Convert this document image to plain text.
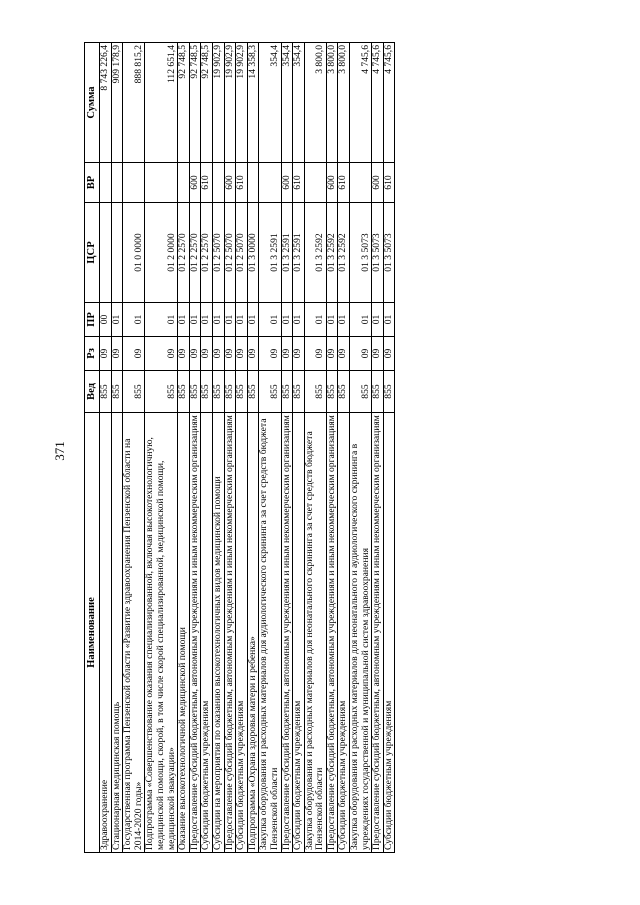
371
Наименование	Вед	Рз	ПР	ЦСР	ВР	Сумма
Здравоохранение	855	09	00			8 743 226,4
Стационарная медицинская помощь	855	09	01			909 178,9
Государственная программа Пензенской области «Развитие здравоохранения Пензенской области на 2014-2020 годы»	855	09	01	01 0 0000		888 815,2
Подпрограмма «Совершенствование оказания специализированной, включая высокотехнологичную, медицинской помощи, скорой, в том числе скорой специализированной, медицинской помощи, медицинской эвакуации»	855	09	01	01 2 0000		112 651,4
Оказание высокотехнологичной медицинской помощи	855	09	01	01 2 2570		92 748,5
Предоставление субсидий бюджетным, автономным учреждениям и иным некоммерческим организациям	855	09	01	01 2 2570	600	92 748,5
Субсидии бюджетным учреждениям	855	09	01	01 2 2570	610	92 748,5
Субсидии на мероприятия по оказанию высокотехнологичных видов медицинской помощи	855	09	01	01 2 5070		19 902,9
Предоставление субсидий бюджетным, автономным учреждениям и иным некоммерческим организациям	855	09	01	01 2 5070	600	19 902,9
Субсидии бюджетным учреждениям	855	09	01	01 2 5070	610	19 902,9
Подпрограмма «Охрана здоровья матери и ребенка»	855	09	01	01 3 0000		14 358,3
Закупка оборудования и расходных материалов для аудиологического скрининга за счет средств бюджета Пензенской области	855	09	01	01 3 2591		354,4
Предоставление субсидий бюджетным, автономным учреждениям и иным некоммерческим организациям	855	09	01	01 3 2591	600	354,4
Субсидии бюджетным учреждениям	855	09	01	01 3 2591	610	354,4
Закупка оборудования и расходных материалов для неонатального скрининга за счет средств бюджета Пензенской области	855	09	01	01 3 2592		3 800,0
Предоставление субсидий бюджетным, автономным учреждениям и иным некоммерческим организациям	855	09	01	01 3 2592	600	3 800,0
Субсидии бюджетным учреждениям	855	09	01	01 3 2592	610	3 800,0
Закупка оборудования и расходных материалов для неонатального и аудиологического скрининга в учреждениях государственной и муниципальной систем здравоохранения	855	09	01	01 3 5073		4 745,6
Предоставление субсидий бюджетным, автономным учреждениям и иным некоммерческим организациям	855	09	01	01 3 5073	600	4 745,6
Субсидии бюджетным учреждениям	855	09	01	01 3 5073	610	4 745,6
